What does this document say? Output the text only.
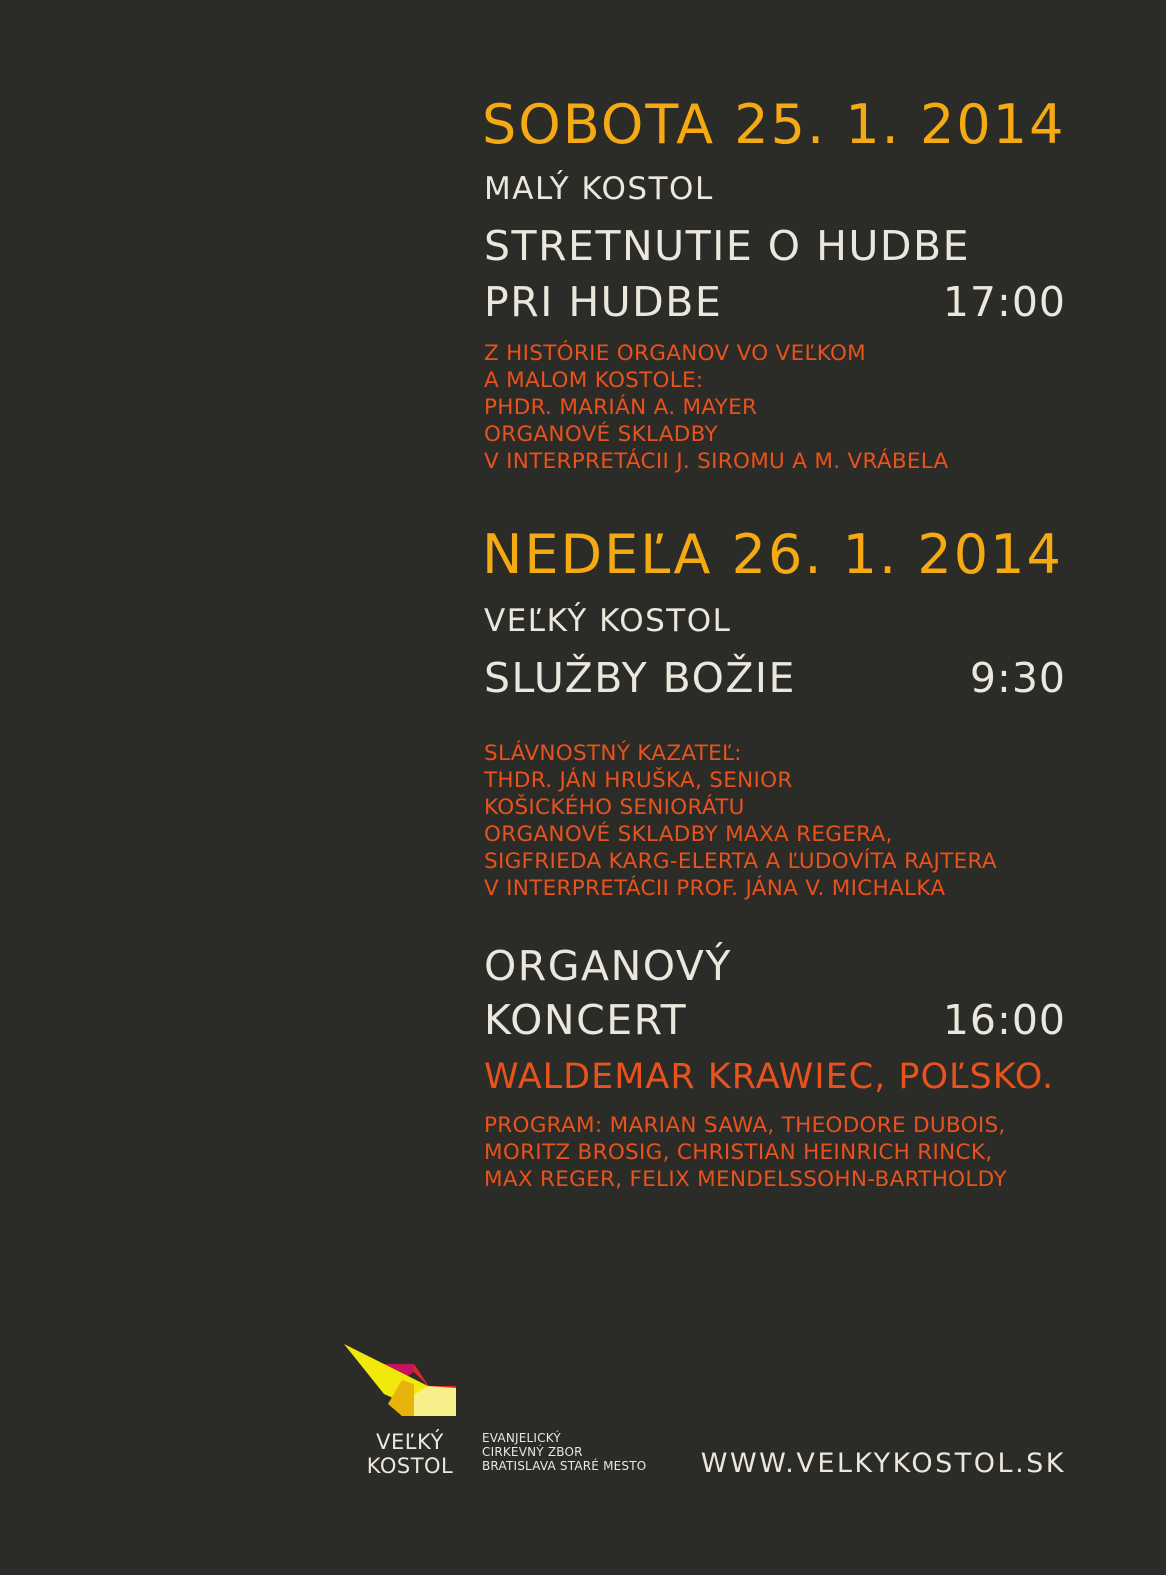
SOBOTA 25. 1. 2014
MALÝ KOSTOL
STRETNUTIE O HUDBE
PRI HUDBE	17:00
Z HISTÓRIE ORGANOV VO VEĽKOM
A MALOM KOSTOLE:
PHDR. MARIÁN A. MAYER
ORGANOVÉ SKLADBY
V INTERPRETÁCII J. SIROMU A M. VRÁBELA
NEDEĽA 26. 1. 2014
VEĽKÝ KOSTOL
SLUŽBY BOŽIE	9:30
SLÁVNOSTNÝ KAZATEĽ:
THDR. JÁN HRUŠKA, SENIOR
KOŠICKÉHO SENIORÁTU
ORGANOVÉ SKLADBY MAXA REGERA,
SIGFRIEDA KARG-ELERTA A ĽUDOVÍTA RAJTERA
V INTERPRETÁCII PROF. JÁNA V. MICHALKA
ORGANOVÝ
KONCERT	16:00
WALDEMAR KRAWIEC, POĽSKO.
PROGRAM: MARIAN SAWA, THEODORE DUBOIS,
MORITZ BROSIG, CHRISTIAN HEINRICH RINCK,
MAX REGER, FELIX MENDELSSOHN-BARTHOLDY
VEĽKÝ
KOSTOL
EVANJELICKÝ
CIRKEVNÝ ZBOR
BRATISLAVA STARÉ MESTO WWW.VELKYKOSTOL.SK
